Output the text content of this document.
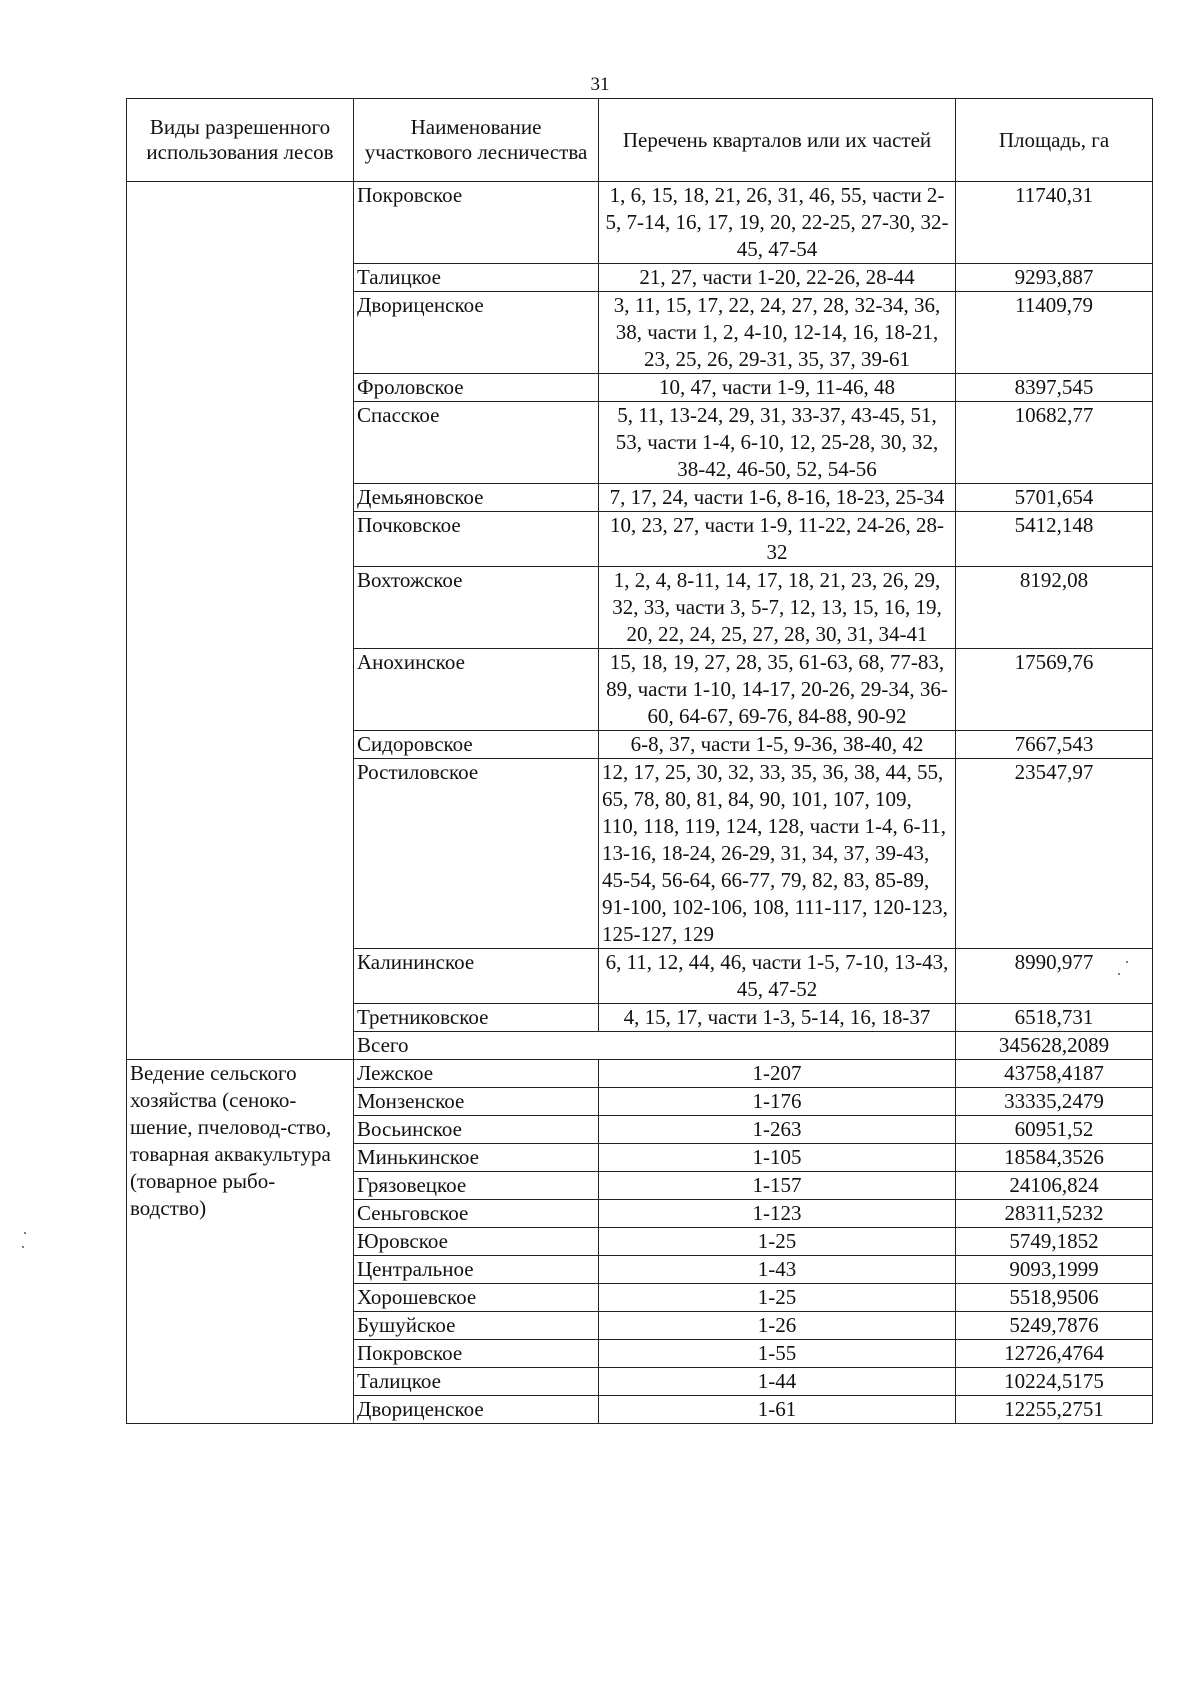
31
Виды разрешенного использования лесов	Наименование участкового лесничества	Перечень кварталов или их частей	Площадь, га
	Покровское	1, 6, 15, 18, 21, 26, 31, 46, 55, части 2-5, 7-14, 16, 17, 19, 20, 22-25, 27-30, 32-45, 47-54	11740,31
	Талицкое	21, 27, части 1-20, 22-26, 28-44	9293,887
	Двориценское	3, 11, 15, 17, 22, 24, 27, 28, 32-34, 36, 38, части 1, 2, 4-10, 12-14, 16, 18-21, 23, 25, 26, 29-31, 35, 37, 39-61	11409,79
	Фроловское	10, 47, части 1-9, 11-46, 48	8397,545
	Спасское	5, 11, 13-24, 29, 31, 33-37, 43-45, 51, 53, части 1-4, 6-10, 12, 25-28, 30, 32, 38-42, 46-50, 52, 54-56	10682,77
	Демьяновское	7, 17, 24, части 1-6, 8-16, 18-23, 25-34	5701,654
	Почковское	10, 23, 27, части 1-9, 11-22, 24-26, 28-32	5412,148
	Вохтожское	1, 2, 4, 8-11, 14, 17, 18, 21, 23, 26, 29, 32, 33, части 3, 5-7, 12, 13, 15, 16, 19, 20, 22, 24, 25, 27, 28, 30, 31, 34-41	8192,08
	Анохинское	15, 18, 19, 27, 28, 35, 61-63, 68, 77-83, 89, части 1-10, 14-17, 20-26, 29-34, 36-60, 64-67, 69-76, 84-88, 90-92	17569,76
	Сидоровское	6-8, 37, части 1-5, 9-36, 38-40, 42	7667,543
	Ростиловское	12, 17, 25, 30, 32, 33, 35, 36, 38, 44, 55, 65, 78, 80, 81, 84, 90, 101, 107, 109, 110, 118, 119, 124, 128, части 1-4, 6-11, 13-16, 18-24, 26-29, 31, 34, 37, 39-43, 45-54, 56-64, 66-77, 79, 82, 83, 85-89, 91-100, 102-106, 108, 111-117, 120-123, 125-127, 129	23547,97
	Калининское	6, 11, 12, 44, 46, части 1-5, 7-10, 13-43, 45, 47-52	8990,977
	Третниковское	4, 15, 17, части 1-3, 5-14, 16, 18-37	6518,731
	Всего		345628,2089
Ведение сельского хозяйства (сеноко-шение, пчеловод-ство, товарная аквакультура (товарное рыбо-водство)	Лежское	1-207	43758,4187
	Монзенское	1-176	33335,2479
	Восьинское	1-263	60951,52
	Минькинское	1-105	18584,3526
	Грязовецкое	1-157	24106,824
	Сеньговское	1-123	28311,5232
	Юровское	1-25	5749,1852
	Центральное	1-43	9093,1999
	Хорошевское	1-25	5518,9506
	Бушуйское	1-26	5249,7876
	Покровское	1-55	12726,4764
	Талицкое	1-44	10224,5175
	Двориценское	1-61	12255,2751
